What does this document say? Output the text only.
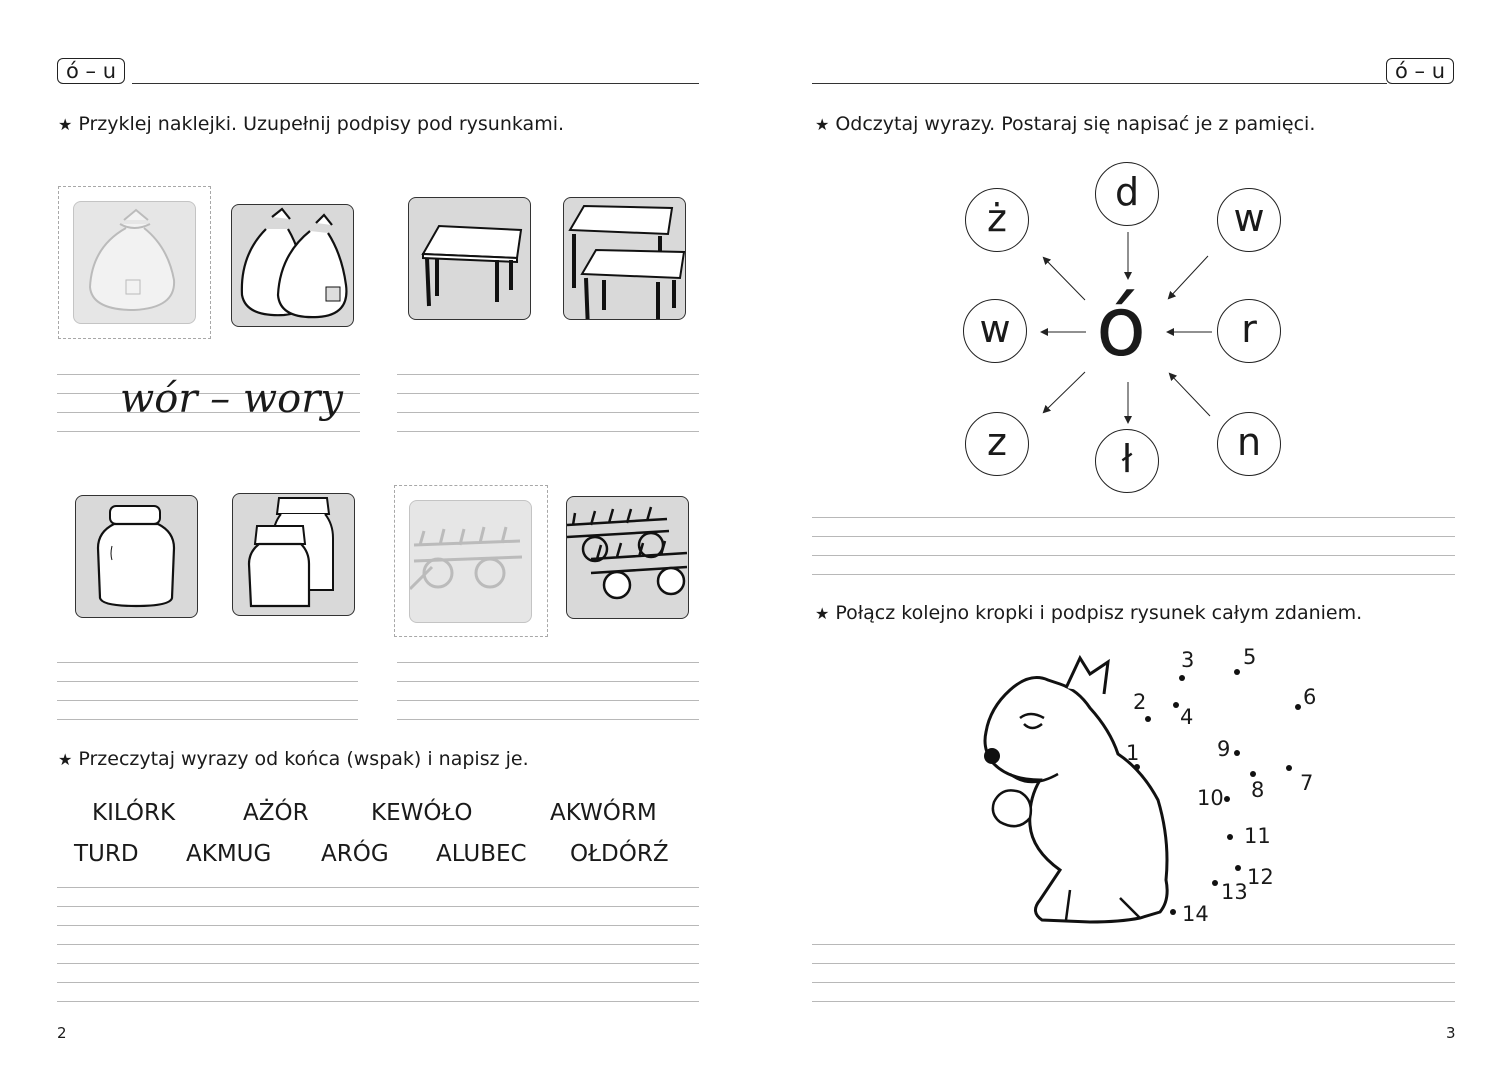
ó – u
★ Przyklej naklejki. Uzupełnij podpisy pod rysunkami.
wór – wory
★ Przeczytaj wyrazy od końca (wspak) i napisz je.
KILÓRK	AŻÓR	KEWÓŁO	AKWÓRM
TURD AKMUG ARÓG ALUBEC OŁDÓRŹ
2
ó – u
★ Odczytaj wyrazy. Postaraj się napisać je z pamięci.
d
ż	w
w	r
z	ł	n
ó
★ Połącz kolejno kropki i podpisz rysunek całym zdaniem.
1
2
3
4
5
6
7
8
9
10
11
12
13
14
3
